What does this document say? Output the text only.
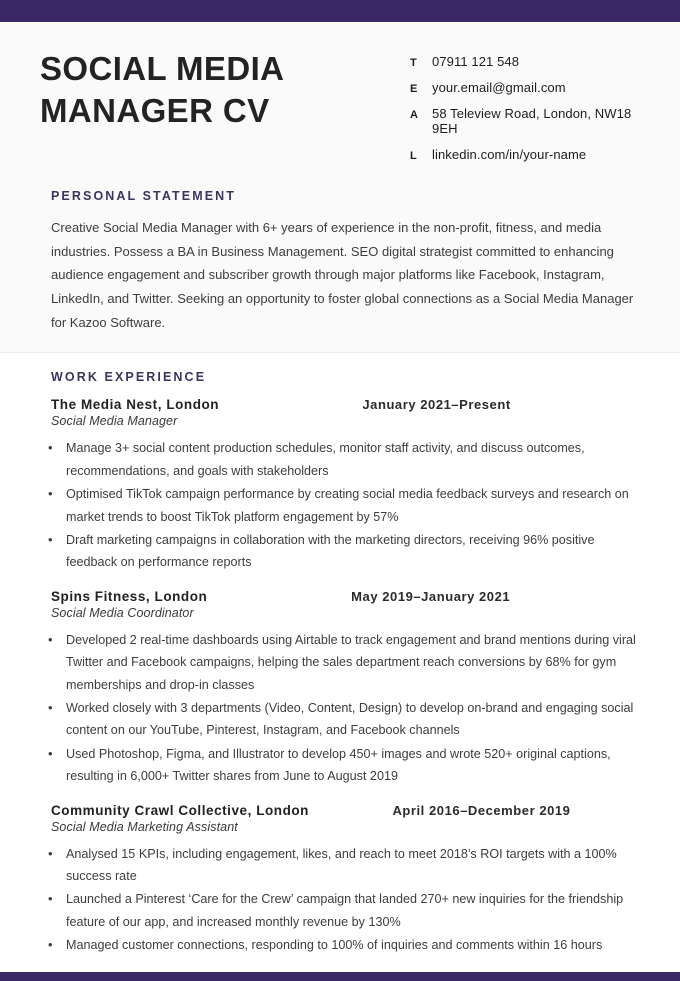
SOCIAL MEDIA MANAGER CV
T	07911 121 548
E	your.email@gmail.com
A	58 Teleview Road, London, NW18 9EH
L	linkedin.com/in/your-name
PERSONAL STATEMENT

Creative Social Media Manager with 6+ years of experience in the non-profit, fitness, and media industries. Possess a BA in Business Management. SEO digital strategist committed to enhancing audience engagement and subscriber growth through major platforms like Facebook, Instagram, LinkedIn, and Twitter. Seeking an opportunity to foster global connections as a Social Media Manager for Kazoo Software.

WORK EXPERIENCE
The Media Nest, London	January 2021–Present
Social Media Manager
• Manage 3+ social content production schedules, monitor staff activity, and discuss outcomes, recommendations, and goals with stakeholders
• Optimised TikTok campaign performance by creating social media feedback surveys and research on market trends to boost TikTok platform engagement by 57%
• Draft marketing campaigns in collaboration with the marketing directors, receiving 96% positive feedback on performance reports
Spins Fitness, London	May 2019–January 2021
Social Media Coordinator
• Developed 2 real-time dashboards using Airtable to track engagement and brand mentions during viral Twitter and Facebook campaigns, helping the sales department reach conversions by 68% for gym memberships and drop-in classes
• Worked closely with 3 departments (Video, Content, Design) to develop on-brand and engaging social content on our YouTube, Pinterest, Instagram, and Facebook channels
• Used Photoshop, Figma, and Illustrator to develop 450+ images and wrote 520+ original captions, resulting in 6,000+ Twitter shares from June to August 2019
Community Crawl Collective, London	April 2016–December 2019
Social Media Marketing Assistant
• Analysed 15 KPIs, including engagement, likes, and reach to meet 2018’s ROI targets with a 100% success rate
• Launched a Pinterest ‘Care for the Crew’ campaign that landed 270+ new inquiries for the friendship feature of our app, and increased monthly revenue by 130%
• Managed customer connections, responding to 100% of inquiries and comments within 16 hours
